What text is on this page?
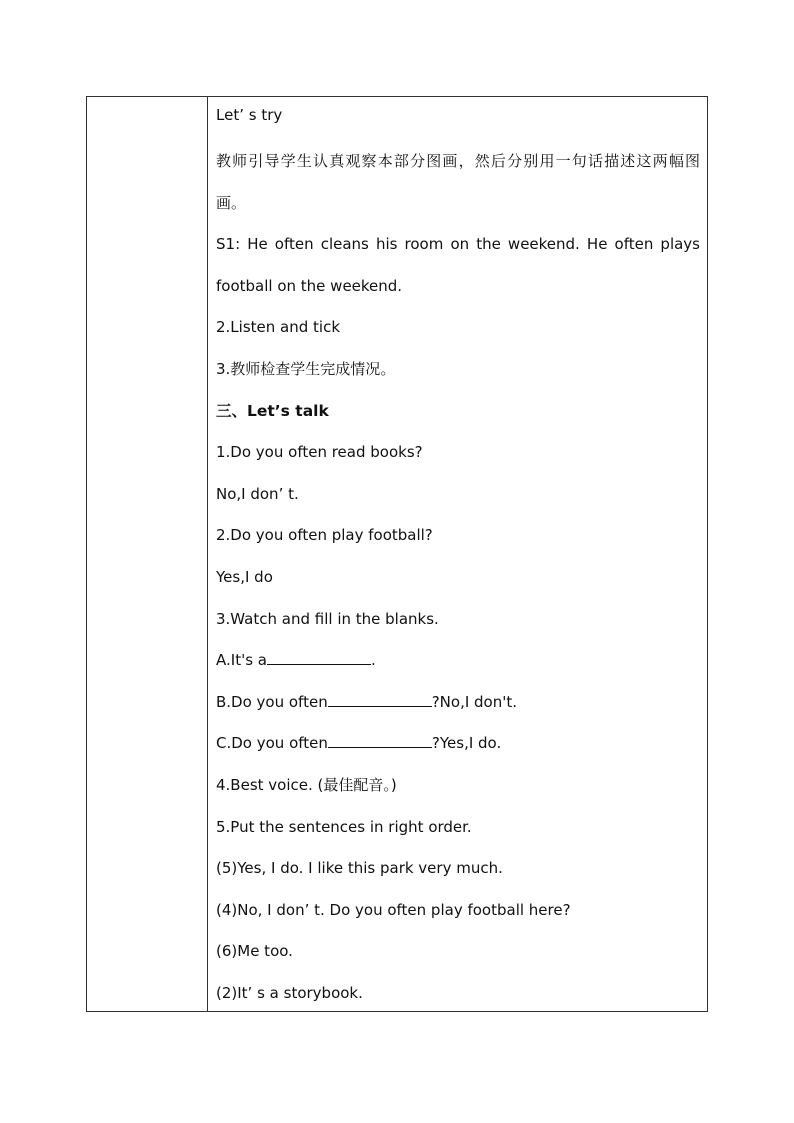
Let’ s try
教师引导学生认真观察本部分图画，然后分别用一句话描述这两幅图
画。
S1: He often cleans his room on the weekend. He often plays
football on the weekend.
2.Listen and tick
3.教师检查学生完成情况。
三、Let’s talk
1.Do you often read books?
No,I don’ t.
2.Do you often play football?
Yes,I do
3.Watch and fill in the blanks.
A.It's a	.
B.Do you often	?No,I don't.
C.Do you often	?Yes,I do.
4.Best voice. (最佳配音。)
5.Put the sentences in right order.
(5)Yes, I do. I like this park very much.
(4)No, I don’ t. Do you often play football here?
(6)Me too.
(2)It’ s a storybook.
